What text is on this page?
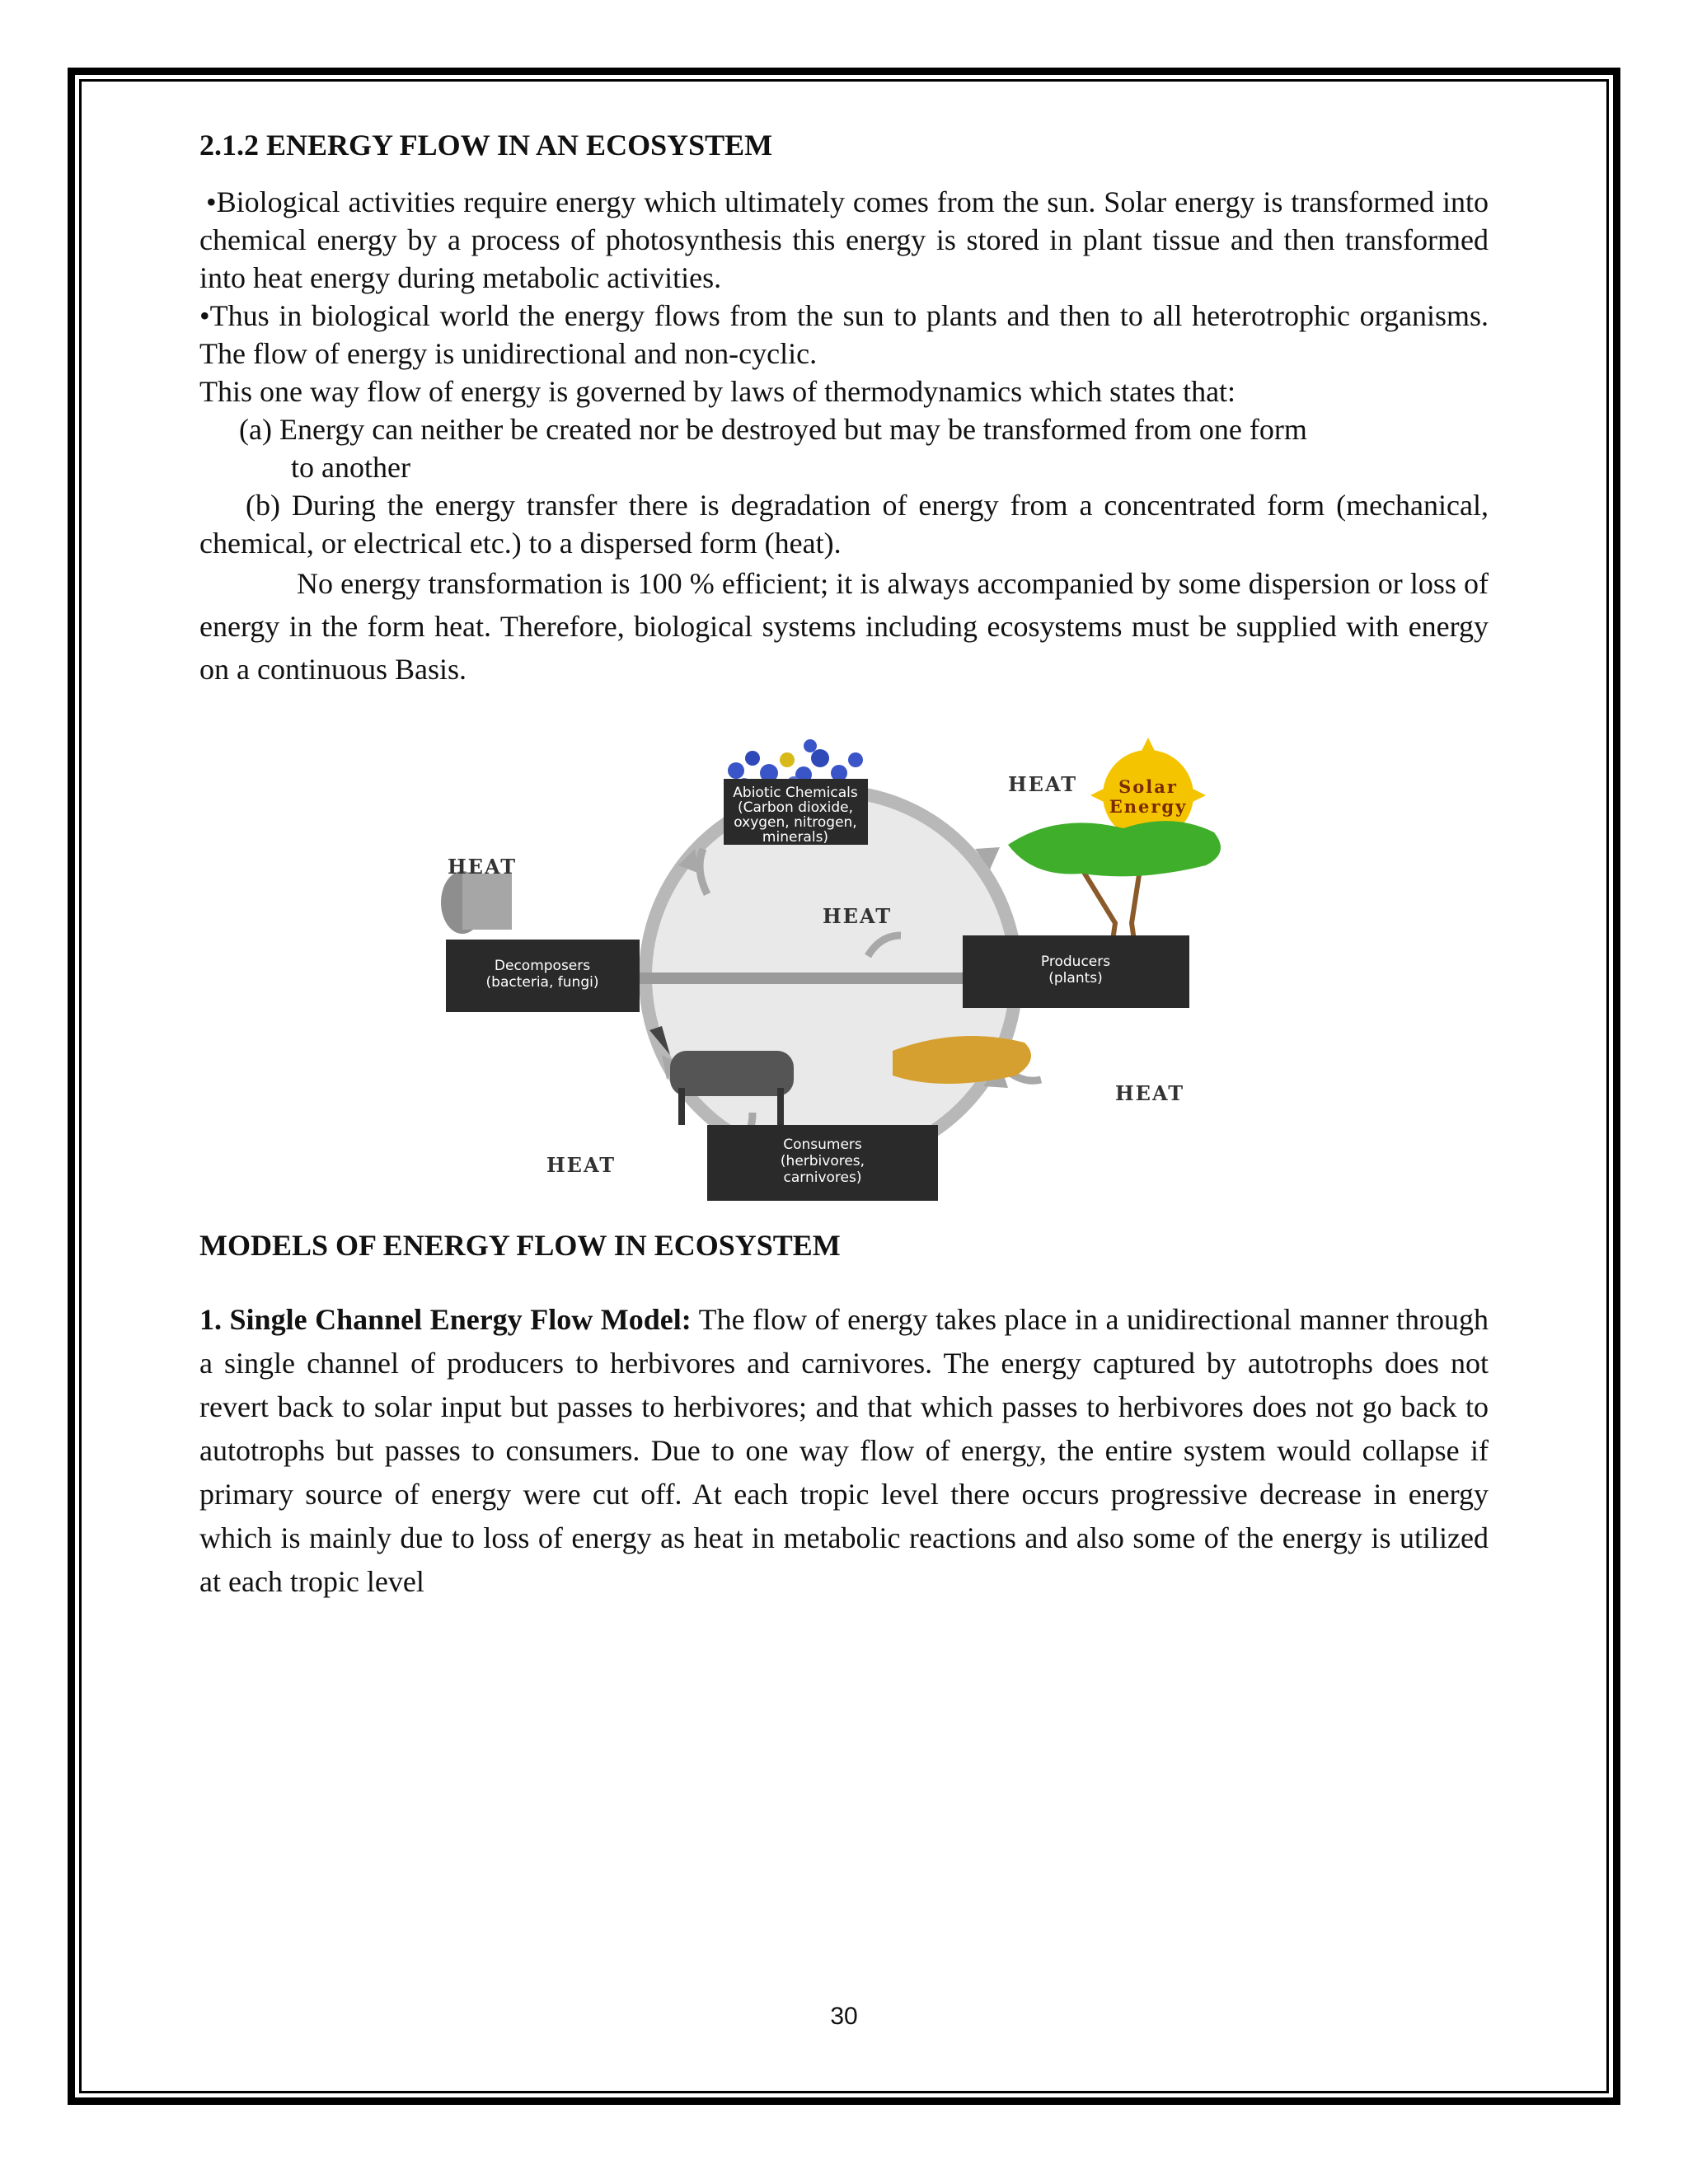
2.1.2 ENERGY FLOW IN AN ECOSYSTEM

•Biological activities require energy which ultimately comes from the sun. Solar energy is transformed into chemical energy by a process of photosynthesis this energy is stored in plant tissue and then transformed into heat energy during metabolic activities.

•Thus in biological world the energy flows from the sun to plants and then to all heterotrophic organisms. The flow of energy is unidirectional and non-cyclic.

This one way flow of energy is governed by laws of thermodynamics which states that:

(a) Energy can neither be created nor be destroyed but may be transformed from one form
to another

(b) During the energy transfer there is degradation of energy from a concentrated form (mechanical, chemical, or electrical etc.) to a dispersed form (heat).

No energy transformation is 100 % efficient; it is always accompanied by some dispersion or loss of energy in the form heat. Therefore, biological systems including ecosystems must be supplied with energy on a continuous Basis.

Abiotic Chemicals
(Carbon dioxide,
oxygen, nitrogen,
minerals)
Solar
Energy
Producers
(plants)
Decomposers
(bacteria, fungi)
Consumers
(herbivores,
carnivores)
HEAT
HEAT
HEAT
HEAT
HEAT
MODELS OF ENERGY FLOW IN ECOSYSTEM

1. Single Channel Energy Flow Model: The flow of energy takes place in a unidirectional manner through a single channel of producers to herbivores and carnivores. The energy captured by autotrophs does not revert back to solar input but passes to herbivores; and that which passes to herbivores does not go back to autotrophs but passes to consumers. Due to one way flow of energy, the entire system would collapse if primary source of energy were cut off. At each tropic level there occurs progressive decrease in energy which is mainly due to loss of energy as heat in metabolic reactions and also some of the energy is utilized at each tropic level

30
